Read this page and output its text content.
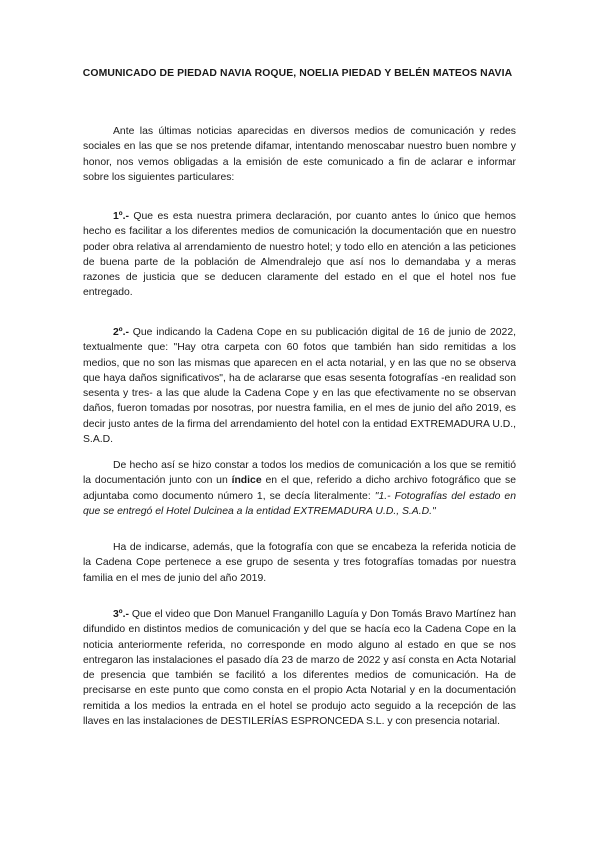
COMUNICADO DE PIEDAD NAVIA ROQUE, NOELIA PIEDAD Y BELÉN MATEOS NAVIA

Ante las últimas noticias aparecidas en diversos medios de comunicación y redes sociales en las que se nos pretende difamar, intentando menoscabar nuestro buen nombre y honor, nos vemos obligadas a la emisión de este comunicado a fin de aclarar e informar sobre los siguientes particulares:

1º.- Que es esta nuestra primera declaración, por cuanto antes lo único que hemos hecho es facilitar a los diferentes medios de comunicación la documentación que en nuestro poder obra relativa al arrendamiento de nuestro hotel; y todo ello en atención a las peticiones de buena parte de la población de Almendralejo que así nos lo demandaba y a meras razones de justicia que se deducen claramente del estado en el que el hotel nos fue entregado.

2º.- Que indicando la Cadena Cope en su publicación digital de 16 de junio de 2022, textualmente que: "Hay otra carpeta con 60 fotos que también han sido remitidas a los medios, que no son las mismas que aparecen en el acta notarial, y en las que no se observa que haya daños significativos", ha de aclararse que esas sesenta fotografías -en realidad son sesenta y tres- a las que alude la Cadena Cope y en las que efectivamente no se observan daños, fueron tomadas por nosotras, por nuestra familia, en el mes de junio del año 2019, es decir justo antes de la firma del arrendamiento del hotel con la entidad EXTREMADURA U.D., S.A.D.

De hecho así se hizo constar a todos los medios de comunicación a los que se remitió la documentación junto con un índice en el que, referido a dicho archivo fotográfico que se adjuntaba como documento número 1, se decía literalmente: "1.- Fotografías del estado en que se entregó el Hotel Dulcinea a la entidad EXTREMADURA U.D., S.A.D."

Ha de indicarse, además, que la fotografía con que se encabeza la referida noticia de la Cadena Cope pertenece a ese grupo de sesenta y tres fotografías tomadas por nuestra familia en el mes de junio del año 2019.

3º.- Que el video que Don Manuel Franganillo Laguía y Don Tomás Bravo Martínez han difundido en distintos medios de comunicación y del que se hacía eco la Cadena Cope en la noticia anteriormente referida, no corresponde en modo alguno al estado en que se nos entregaron las instalaciones el pasado día 23 de marzo de 2022 y así consta en Acta Notarial de presencia que también se facilitó a los diferentes medios de comunicación. Ha de precisarse en este punto que como consta en el propio Acta Notarial y en la documentación remitida a los medios la entrada en el hotel se produjo acto seguido a la recepción de las llaves en las instalaciones de DESTILERÍAS ESPRONCEDA S.L. y con presencia notarial.
